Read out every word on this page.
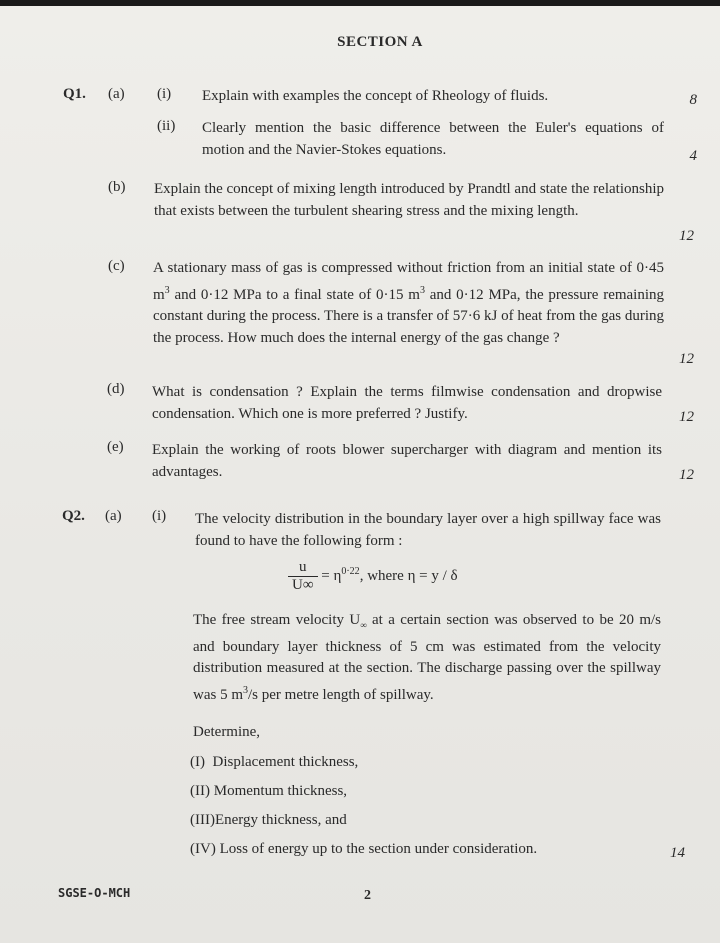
SECTION A
Q1. (a) (i) Explain with examples the concept of Rheology of fluids.	8
(ii) Clearly mention the basic difference between the Euler's equations of motion and the Navier-Stokes equations.	4
(b) Explain the concept of mixing length introduced by Prandtl and state the relationship that exists between the turbulent shearing stress and the mixing length.
12
(c) A stationary mass of gas is compressed without friction from an initial state of 0·45 $m^3$ and 0·12 MPa to a final state of 0·15 $m^3$ and 0·12 MPa, the pressure remaining constant during the process. There is a transfer of 57·6 kJ of heat from the gas during the process. How much does the internal energy of the gas change ?
12
(d) What is condensation ? Explain the terms filmwise condensation and dropwise condensation. Which one is more preferred ? Justify.	12
(e) Explain the working of roots blower supercharger with diagram and mention its advantages.	12
Q2. (a) (i) The velocity distribution in the boundary layer over a high spillway face was found to have the following form :
$\frac{u}{U\infty} = \eta^{0\cdot 22}$, where η = y / δ
The free stream velocity $U_\infty$ at a certain section was observed to be 20 m/s and boundary layer thickness of 5 cm was estimated from the velocity distribution measured at the section. The discharge passing over the spillway was 5 $m^3/s$ per metre length of spillway.
Determine,
(I) Displacement thickness,
(II) Momentum thickness,
(III)Energy thickness, and
(IV) Loss of energy up to the section under consideration.	14
SGSE-O-MCH	2
